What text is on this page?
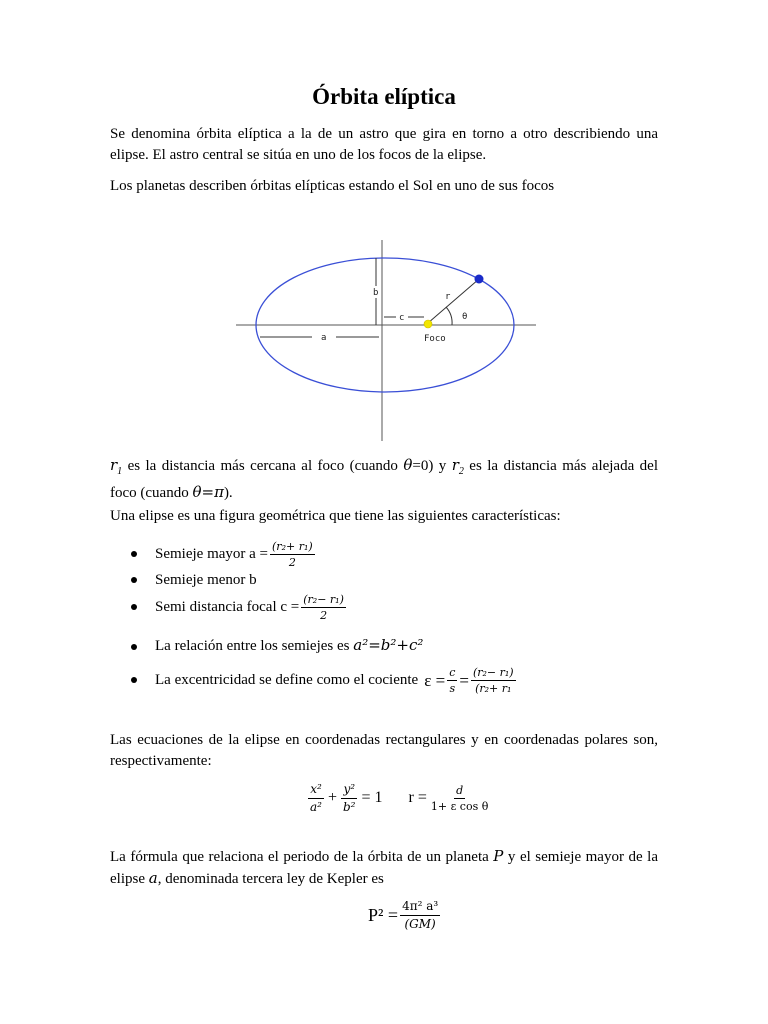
Órbita elíptica
Se denomina órbita elíptica a la de un astro que gira en torno a otro describiendo una elipse. El astro central se sitúa en uno de los focos de la elipse.
Los planetas describen órbitas elípticas estando el Sol en uno de sus focos
b
c
a
r
θ
Foco
$r_1$ es la distancia más cercana al foco (cuando θ=0) y $r_2$ es la distancia más alejada del foco (cuando θ=π).
Una elipse es una figura geométrica que tiene las siguientes características:
Semieje mayor $a = \frac{\text{(r₂+ r₁)}}{2}$
Semieje menor b
Semi distancia focal $c = \frac{\text{(r₂− r₁)}}{2}$
La relación entre los semiejes es a²=b²+c²
La excentricidad se define como el cociente $\varepsilon = \frac{c}{s} = \frac{\text{(r₂− r₁)}}{\text{(r₂+ r₁}}$
Las ecuaciones de la elipse en coordenadas rectangulares y en coordenadas polares son, respectivamente:
$\frac{\text{x²}}{\text{a²}} + \frac{\text{y²}}{\text{b²}} = 1$ $r = \frac{d}{\text{1+ ε cos θ}}$
La fórmula que relaciona el periodo de la órbita de un planeta P y el semieje mayor de la elipse a, denominada tercera ley de Kepler es
$P^2 = \frac{\text{4π² a³}}{(GM)}$
